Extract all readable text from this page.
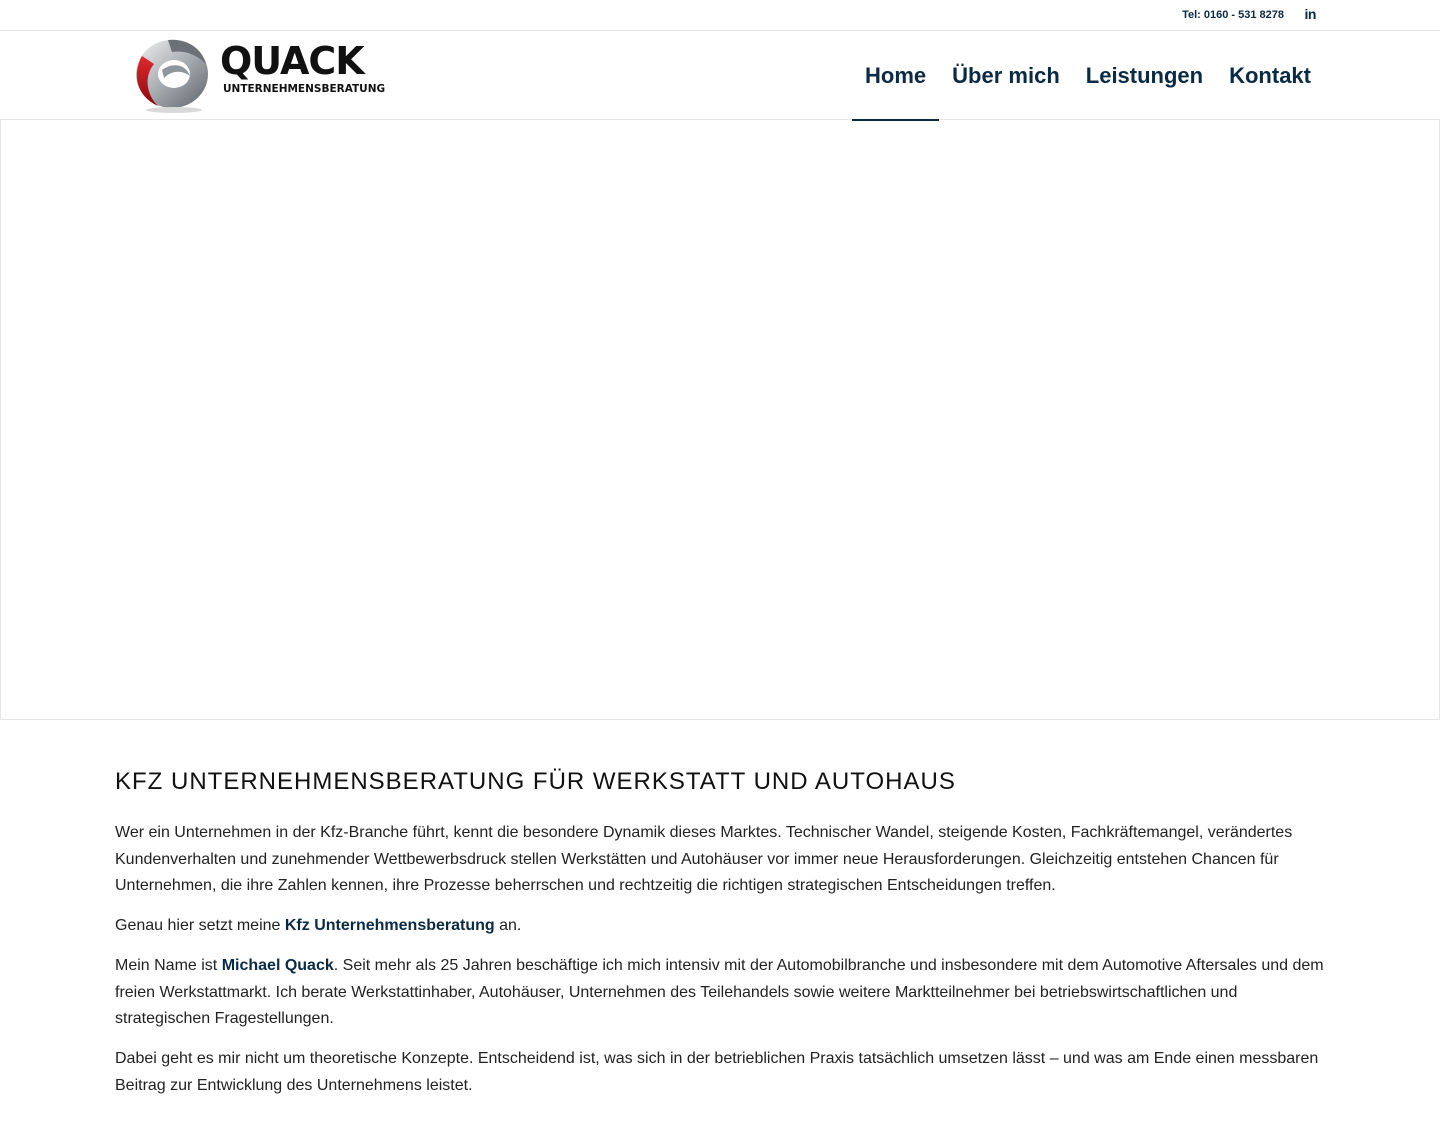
Tel: 0160 - 531 8278 in
QUACK
UNTERNEHMENSBERATUNG
Home	Über mich	Leistungen	Kontakt
KFZ UNTERNEHMENSBERATUNG FÜR WERKSTATT UND AUTOHAUS

Wer ein Unternehmen in der Kfz-Branche führt, kennt die besondere Dynamik dieses Marktes. Technischer Wandel, steigende Kosten, Fachkräftemangel, verändertes Kundenverhalten und zunehmender Wettbewerbsdruck stellen Werkstätten und Autohäuser vor immer neue Herausforderungen. Gleichzeitig entstehen Chancen für Unternehmen, die ihre Zahlen kennen, ihre Prozesse beherrschen und rechtzeitig die richtigen strategischen Entscheidungen treffen.

Genau hier setzt meine Kfz Unternehmensberatung an.

Mein Name ist Michael Quack. Seit mehr als 25 Jahren beschäftige ich mich intensiv mit der Automobilbranche und insbesondere mit dem Automotive Aftersales und dem freien Werkstattmarkt. Ich berate Werkstattinhaber, Autohäuser, Unternehmen des Teilehandels sowie weitere Marktteilnehmer bei betriebswirtschaftlichen und strategischen Fragestellungen.

Dabei geht es mir nicht um theoretische Konzepte. Entscheidend ist, was sich in der betrieblichen Praxis tatsächlich umsetzen lässt – und was am Ende einen messbaren Beitrag zur Entwicklung des Unternehmens leistet.
